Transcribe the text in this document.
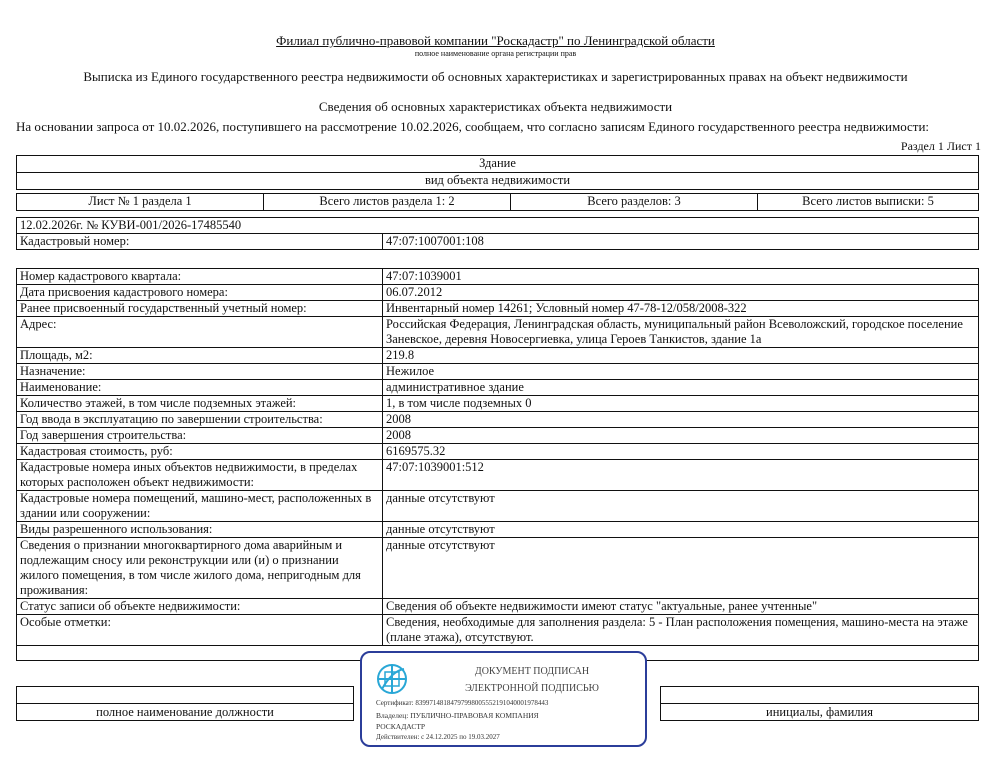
Филиал публично-правовой компании "Роскадастр" по Ленинградской области
полное наименование органа регистрации прав
Выписка из Единого государственного реестра недвижимости об основных характеристиках и зарегистрированных правах на объект недвижимости
Сведения об основных характеристиках объекта недвижимости
На основании запроса от 10.02.2026, поступившего на рассмотрение 10.02.2026, сообщаем, что согласно записям Единого государственного реестра недвижимости:
Раздел 1 Лист 1
Здание
вид объекта недвижимости
Лист № 1 раздела 1	Всего листов раздела 1: 2	Всего разделов: 3	Всего листов выписки: 5
12.02.2026г. № КУВИ-001/2026-17485540
Кадастровый номер:	47:07:1007001:108
Номер кадастрового квартала:	47:07:1039001
Дата присвоения кадастрового номера:	06.07.2012
Ранее присвоенный государственный учетный номер:	Инвентарный номер 14261; Условный номер 47-78-12/058/2008-322
Адрес:	Российская Федерация, Ленинградская область, муниципальный район Всеволожский, городское поселение Заневское, деревня Новосергиевка, улица Героев Танкистов, здание 1а
Площадь, м2:	219.8
Назначение:	Нежилое
Наименование:	административное здание
Количество этажей, в том числе подземных этажей:	1, в том числе подземных 0
Год ввода в эксплуатацию по завершении строительства:	2008
Год завершения строительства:	2008
Кадастровая стоимость, руб:	6169575.32
Кадастровые номера иных объектов недвижимости, в пределах которых расположен объект недвижимости:	47:07:1039001:512
Кадастровые номера помещений, машино-мест, расположенных в здании или сооружении:	данные отсутствуют
Виды разрешенного использования:	данные отсутствуют
Сведения о признании многоквартирного дома аварийным и подлежащим сносу или реконструкции или (и) о признании жилого помещения, в том числе жилого дома, непригодным для проживания:	данные отсутствуют
Статус записи об объекте недвижимости:	Сведения об объекте недвижимости имеют статус "актуальные, ранее учтенные"
Особые отметки:	Сведения, необходимые для заполнения раздела: 5 - План расположения помещения, машино-места на этаже (плане этажа), отсутствуют.

полное наименование должности		инициалы, фамилия
ДОКУМЕНТ ПОДПИСАН
ЭЛЕКТРОННОЙ ПОДПИСЬЮ
Сертификат: 83997148184797998005552191040001978443
Владелец: ПУБЛИЧНО-ПРАВОВАЯ КОМПАНИЯ
РОСКАДАСТР
Действителен: с 24.12.2025 по 19.03.2027
